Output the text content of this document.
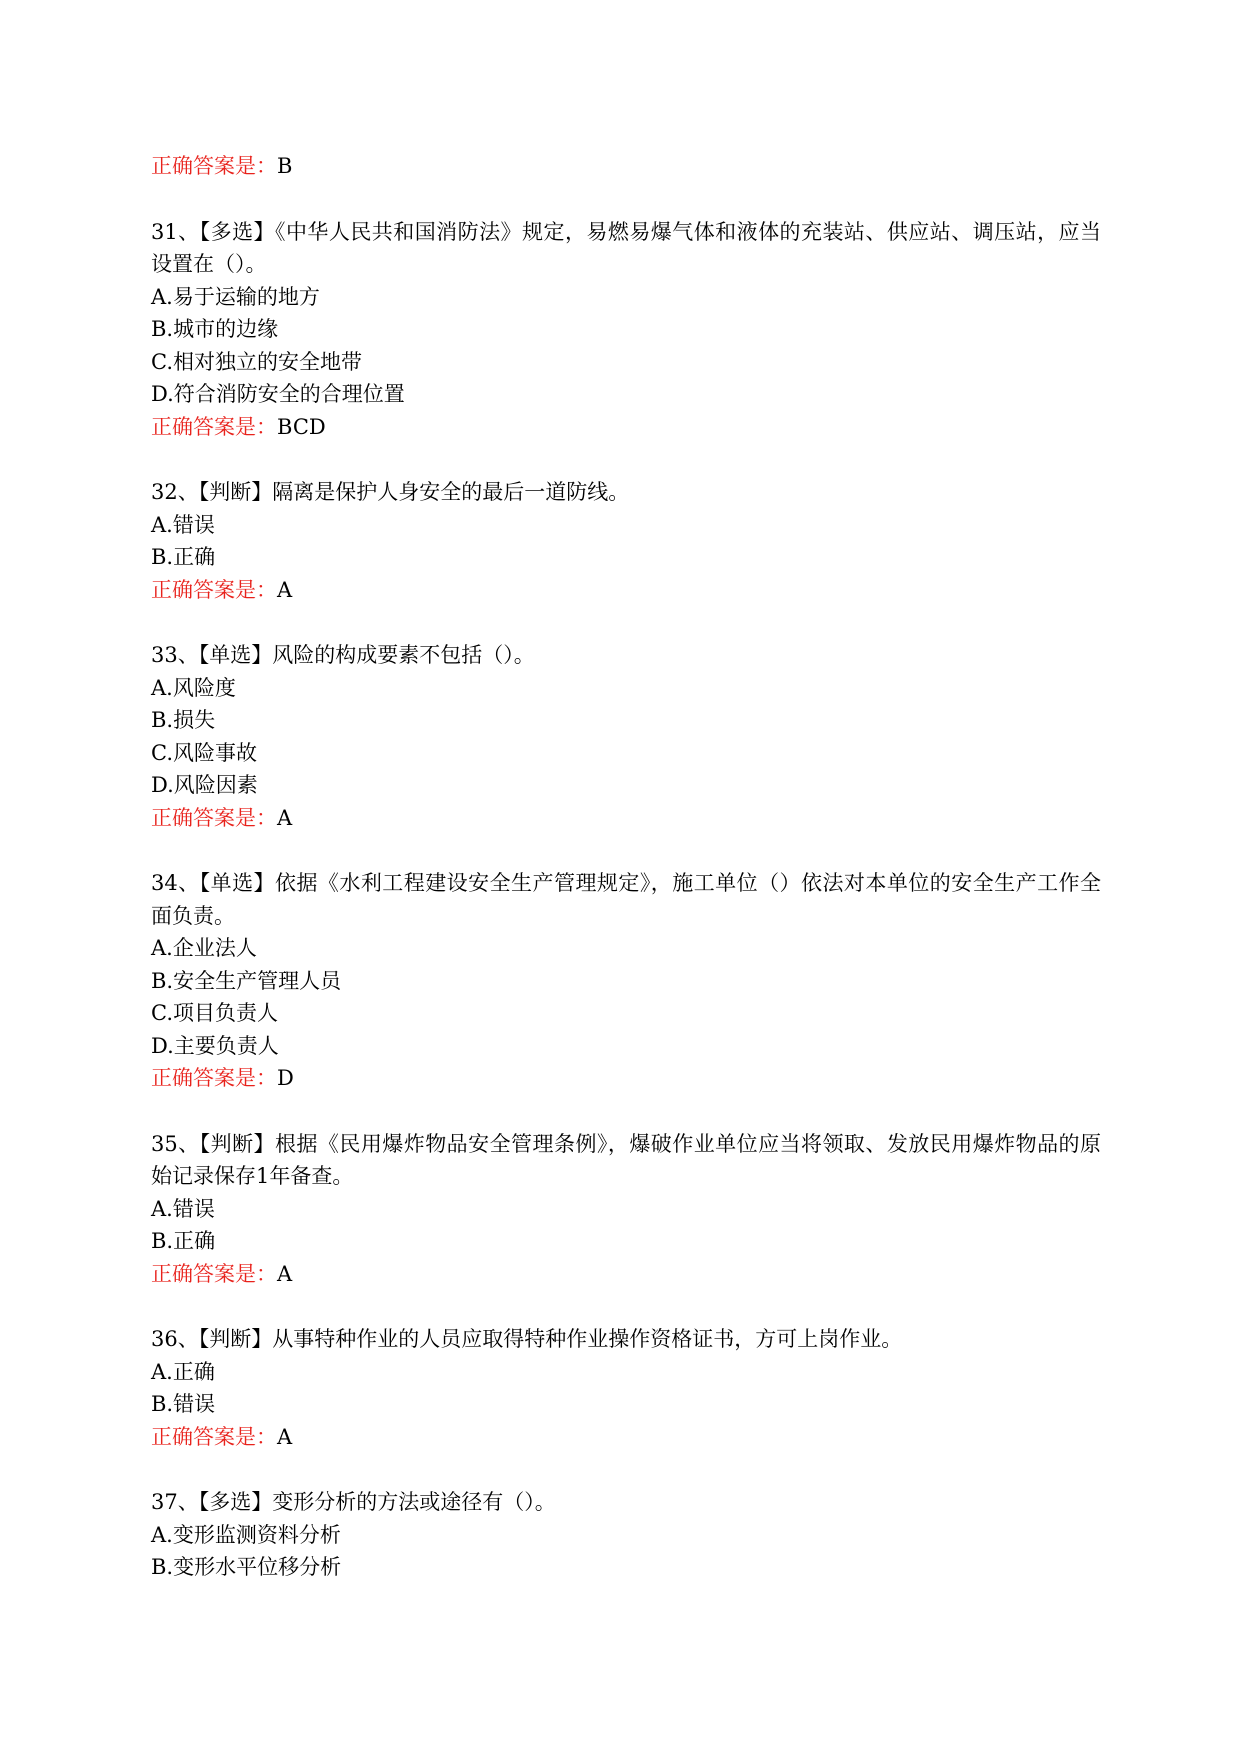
正确答案是：B
31、【多选】《中华人民共和国消防法》规定，易燃易爆气体和液体的充装站、供应站、调压站，应当设置在（）。
A.易于运输的地方
B.城市的边缘
C.相对独立的安全地带
D.符合消防安全的合理位置
正确答案是：BCD
32、【判断】隔离是保护人身安全的最后一道防线。
A.错误
B.正确
正确答案是：A
33、【单选】风险的构成要素不包括（）。
A.风险度
B.损失
C.风险事故
D.风险因素
正确答案是：A
34、【单选】依据《水利工程建设安全生产管理规定》，施工单位（）依法对本单位的安全生产工作全面负责。
A.企业法人
B.安全生产管理人员
C.项目负责人
D.主要负责人
正确答案是：D
35、【判断】根据《民用爆炸物品安全管理条例》，爆破作业单位应当将领取、发放民用爆炸物品的原始记录保存1年备查。
A.错误
B.正确
正确答案是：A
36、【判断】从事特种作业的人员应取得特种作业操作资格证书，方可上岗作业。
A.正确
B.错误
正确答案是：A
37、【多选】变形分析的方法或途径有（）。
A.变形监测资料分析
B.变形水平位移分析
